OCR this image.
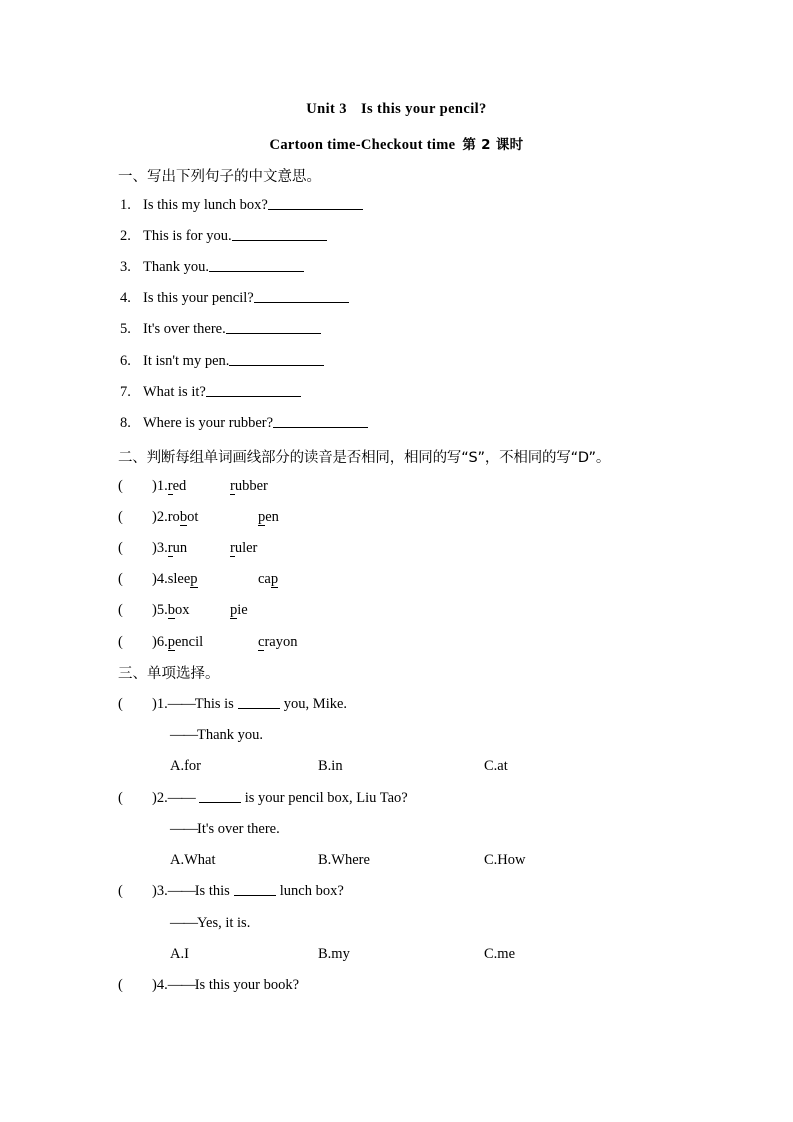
Unit 3 Is this your pencil?
Cartoon time-Checkout time 第 2 课时
一、写出下列句子的中文意思。
1. Is this my lunch box?
2. This is for you.
3. Thank you.
4. Is this your pencil?
5. It's over there.
6. It isn't my pen.
7. What is it?
8. Where is your rubber?
二、判断每组单词画线部分的读音是否相同，相同的写“S”，不相同的写“D”。
( )1.red	rubber
( )2.robot	pen
( )3.run	ruler
( )4.sleep	cap
( )5.box	pie
( )6.pencil	crayon
三、单项选择。
( )1.——This is	you, Mike.
——Thank you.
A.for	B.in	C.at
( )2.——	is your pencil box, Liu Tao?
——It's over there.
A.What	B.Where	C.How
( )3.——Is this	lunch box?
——Yes, it is.
A.I	B.my	C.me
( )4.——Is this your book?
